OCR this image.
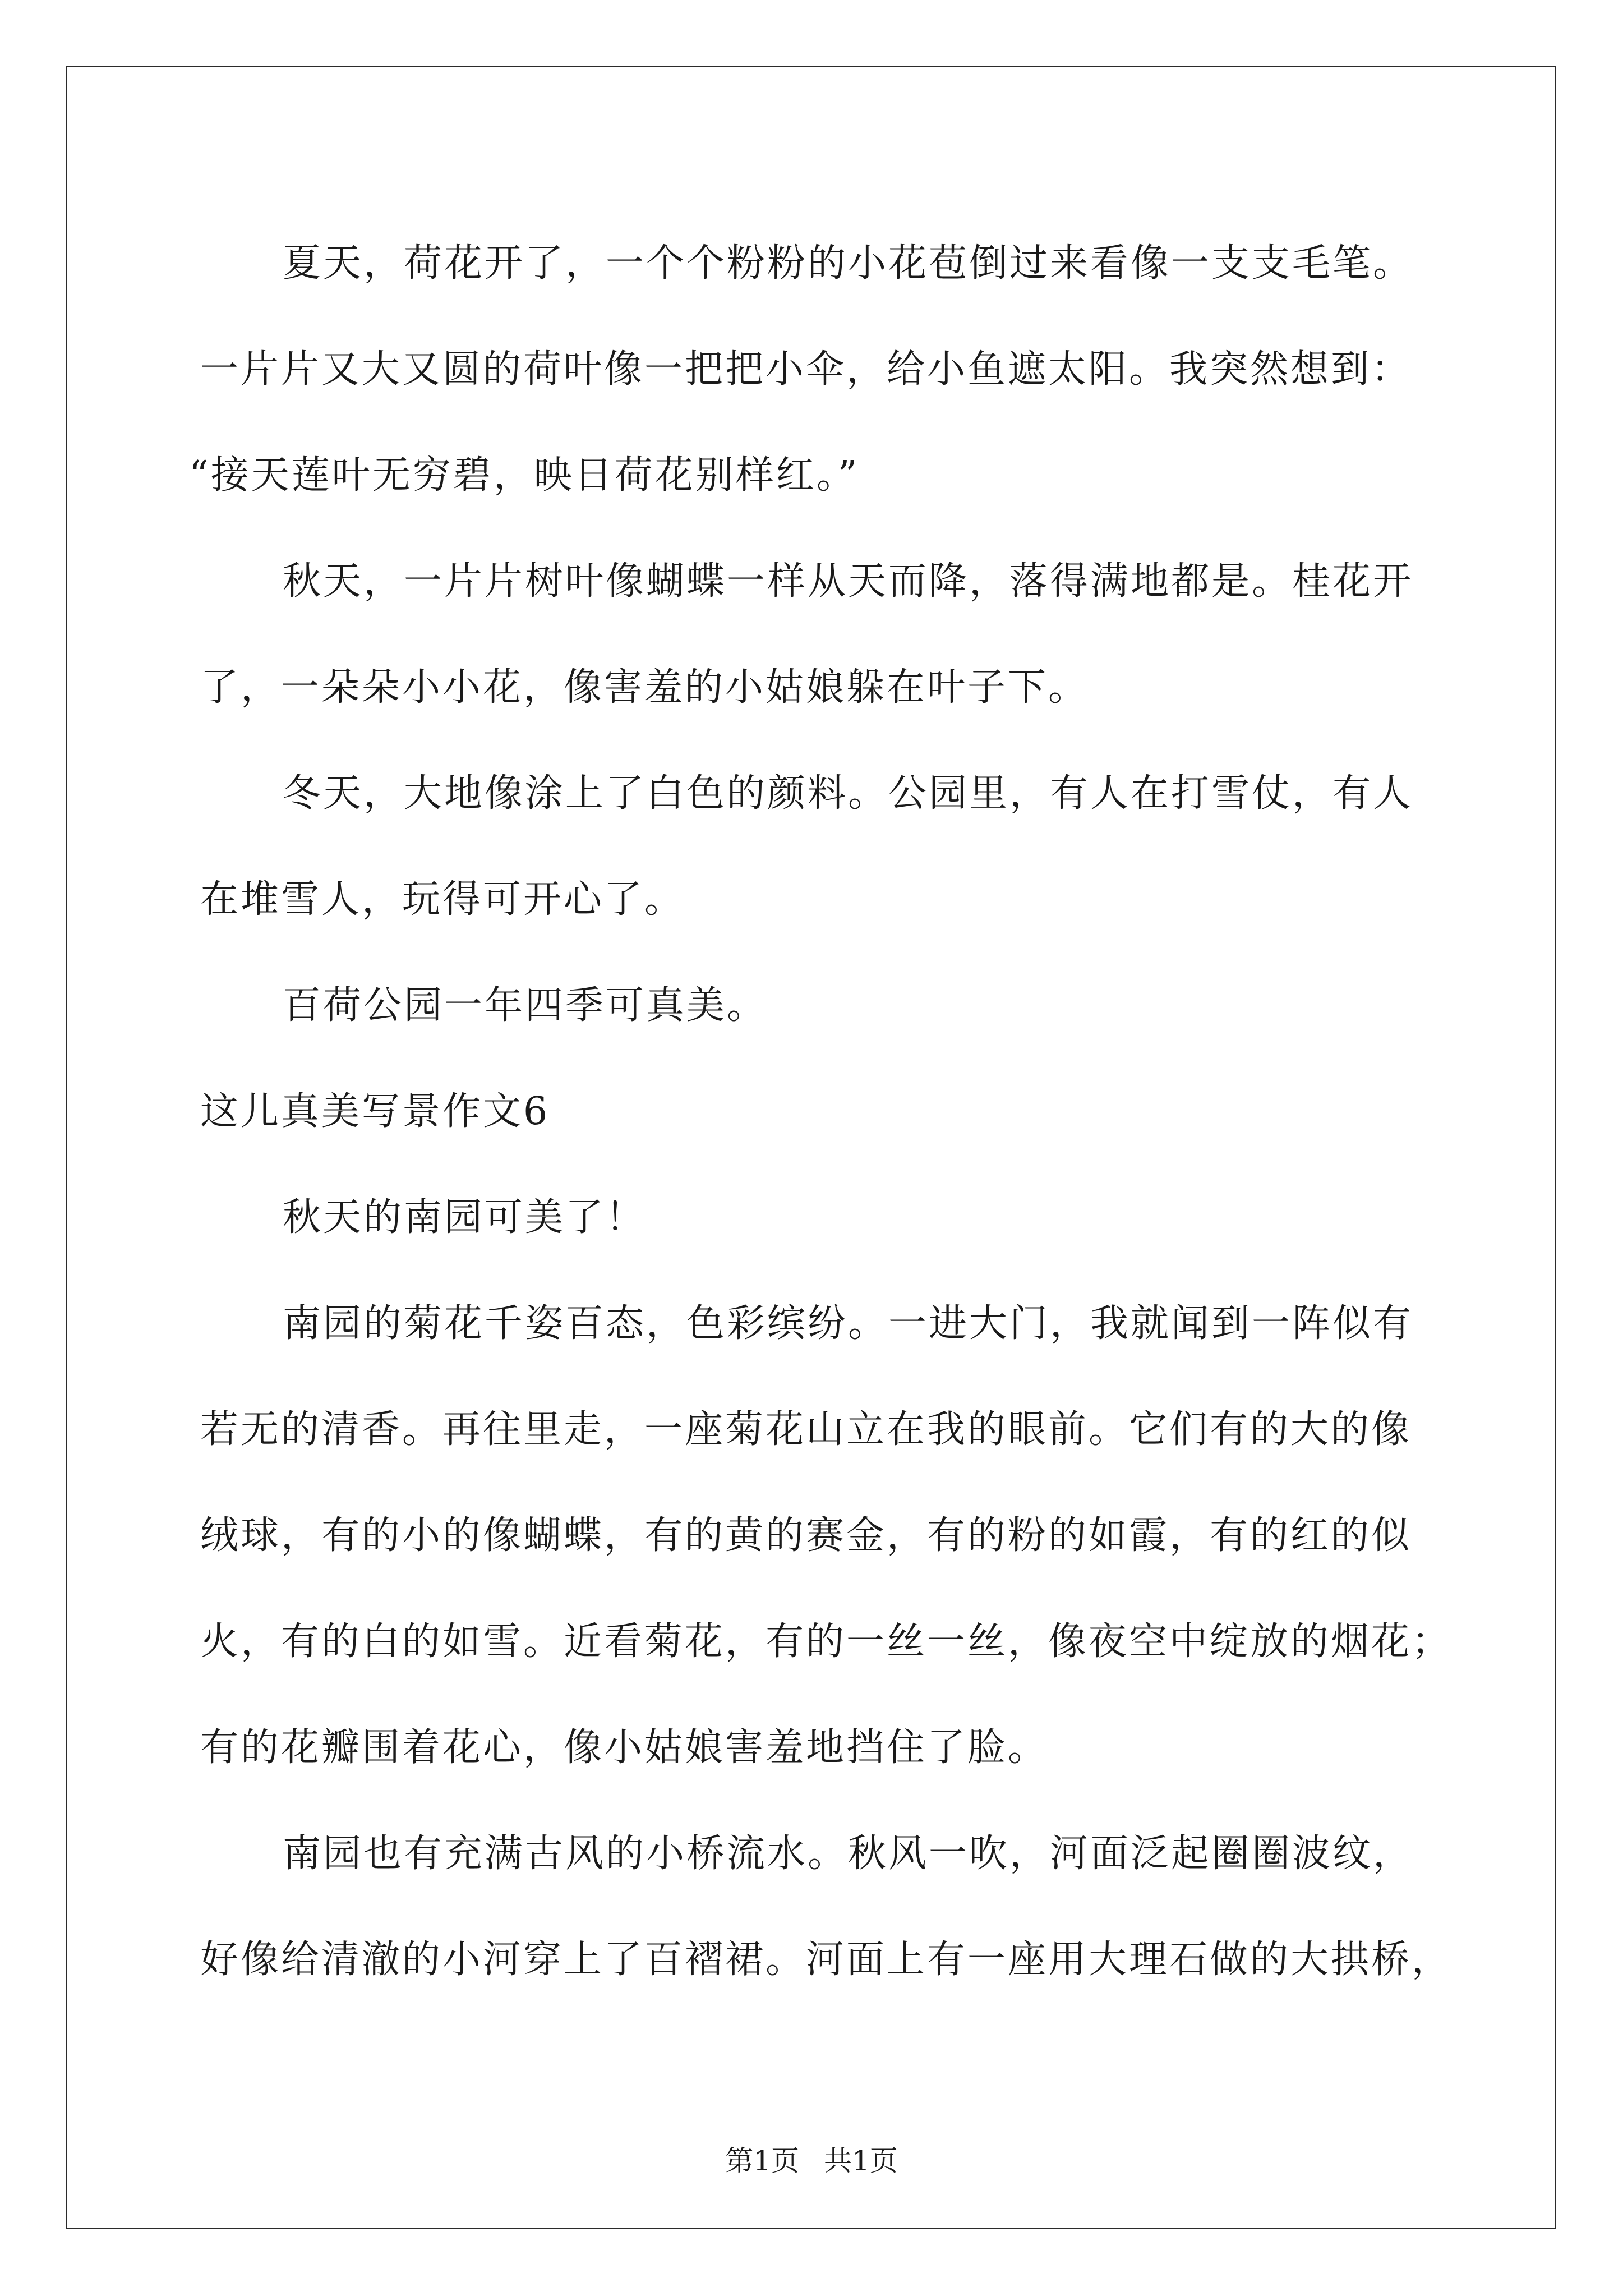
夏天，荷花开了，一个个粉粉的小花苞倒过来看像一支支毛笔。
一片片又大又圆的荷叶像一把把小伞，给小鱼遮太阳。我突然想到：
“接天莲叶无穷碧，映日荷花别样红。”
秋天，一片片树叶像蝴蝶一样从天而降，落得满地都是。桂花开
了，一朵朵小小花，像害羞的小姑娘躲在叶子下。
冬天，大地像涂上了白色的颜料。公园里，有人在打雪仗，有人
在堆雪人，玩得可开心了。
百荷公园一年四季可真美。
这儿真美写景作文6
秋天的南园可美了！
南园的菊花千姿百态，色彩缤纷。一进大门，我就闻到一阵似有
若无的清香。再往里走，一座菊花山立在我的眼前。它们有的大的像
绒球，有的小的像蝴蝶，有的黄的赛金，有的粉的如霞，有的红的似
火，有的白的如雪。近看菊花，有的一丝一丝，像夜空中绽放的烟花；
有的花瓣围着花心，像小姑娘害羞地挡住了脸。
南园也有充满古风的小桥流水。秋风一吹，河面泛起圈圈波纹，
好像给清澈的小河穿上了百褶裙。河面上有一座用大理石做的大拱桥，
第1页 共1页
